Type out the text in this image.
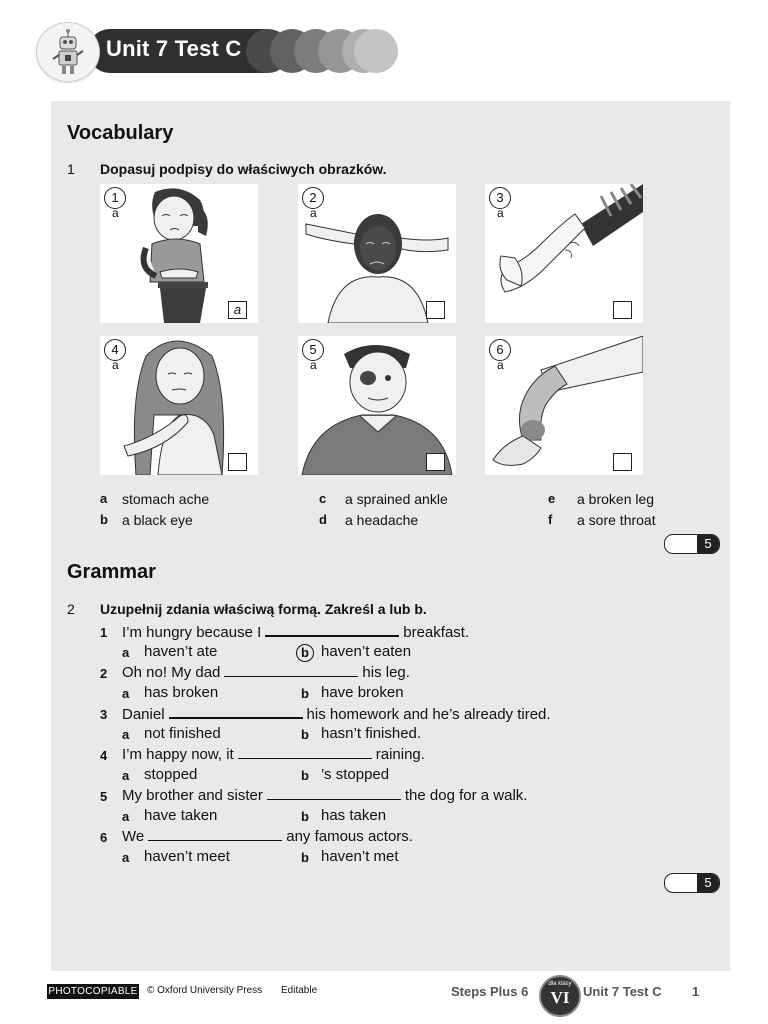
Unit 7 Test C
Vocabulary
1 Dopasuj podpisy do właściwych obrazków.
1
a
a
2
a
3
a
4
a
5
a
6
a
a stomach ache
b a black eye
c a sprained ankle
d a headache
e a broken leg
f a sore throat
5
Grammar
2 Uzupełnij zdania właściwą formą. Zakreśl a lub b.
1 I’m hungry because I	breakfast.
a haven’t ate	b haven’t eaten
2 Oh no! My dad	his leg.
a has broken	b have broken
3 Daniel	his homework and he’s already tired.
a not finished	b hasn’t finished.
4 I’m happy now, it	raining.
a stopped	b ’s stopped
5 My brother and sister	the dog for a walk.
a have taken	b has taken
6 We	any famous actors.
a haven’t meet	b haven’t met
5
PHOTOCOPIABLE © Oxford University Press Editable	Steps Plus 6	dla klasy
VI	Unit 7 Test C 1
